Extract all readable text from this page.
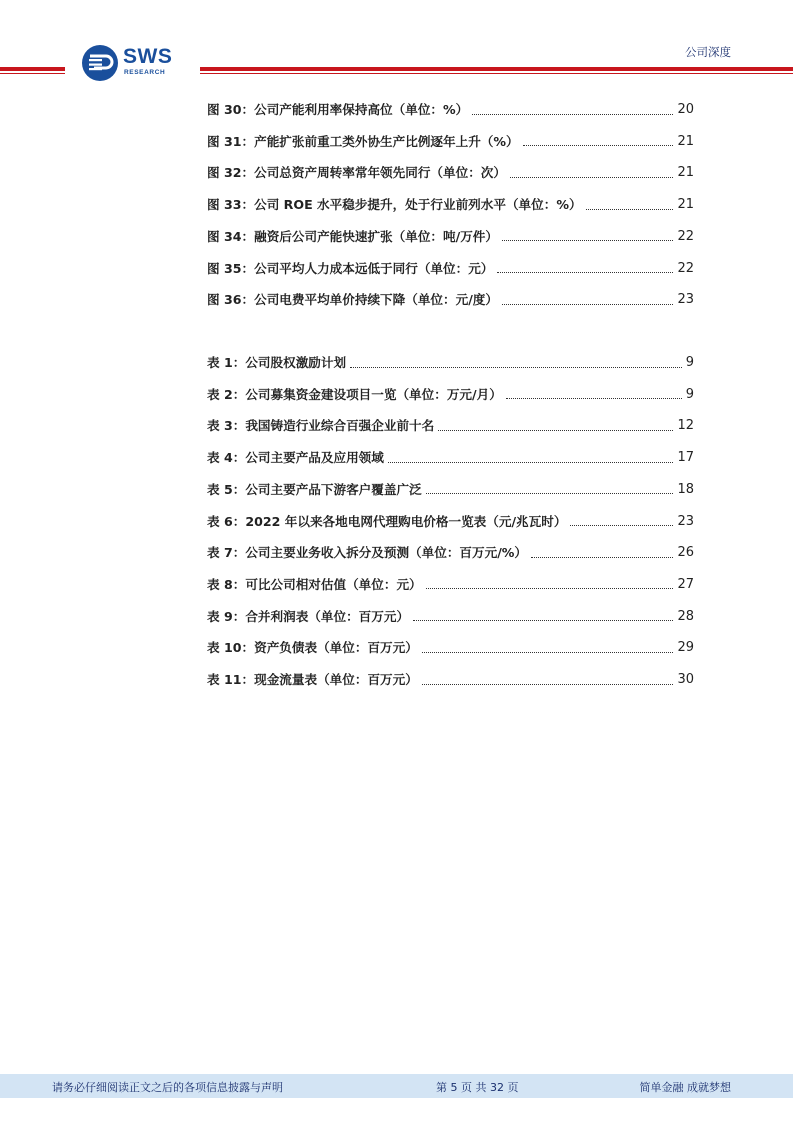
SWS
RESEARCH
公司深度
图 30：公司产能利用率保持高位（单位：%）	20
图 31：产能扩张前重工类外协生产比例逐年上升（%）	21
图 32：公司总资产周转率常年领先同行（单位：次）	21
图 33：公司 ROE 水平稳步提升，处于行业前列水平（单位：%）	21
图 34：融资后公司产能快速扩张（单位：吨/万件）	22
图 35：公司平均人力成本远低于同行（单位：元）	22
图 36：公司电费平均单价持续下降（单位：元/度）	23
表 1：公司股权激励计划	9
表 2：公司募集资金建设项目一览（单位：万元/月）	9
表 3：我国铸造行业综合百强企业前十名	12
表 4：公司主要产品及应用领域	17
表 5：公司主要产品下游客户覆盖广泛	18
表 6：2022 年以来各地电网代理购电价格一览表（元/兆瓦时）	23
表 7：公司主要业务收入拆分及预测（单位：百万元/%）	26
表 8：可比公司相对估值（单位：元）	27
表 9：合并利润表（单位：百万元）	28
表 10：资产负债表（单位：百万元）	29
表 11：现金流量表（单位：百万元）	30
请务必仔细阅读正文之后的各项信息披露与声明	第 5 页 共 32 页	简单金融 成就梦想
